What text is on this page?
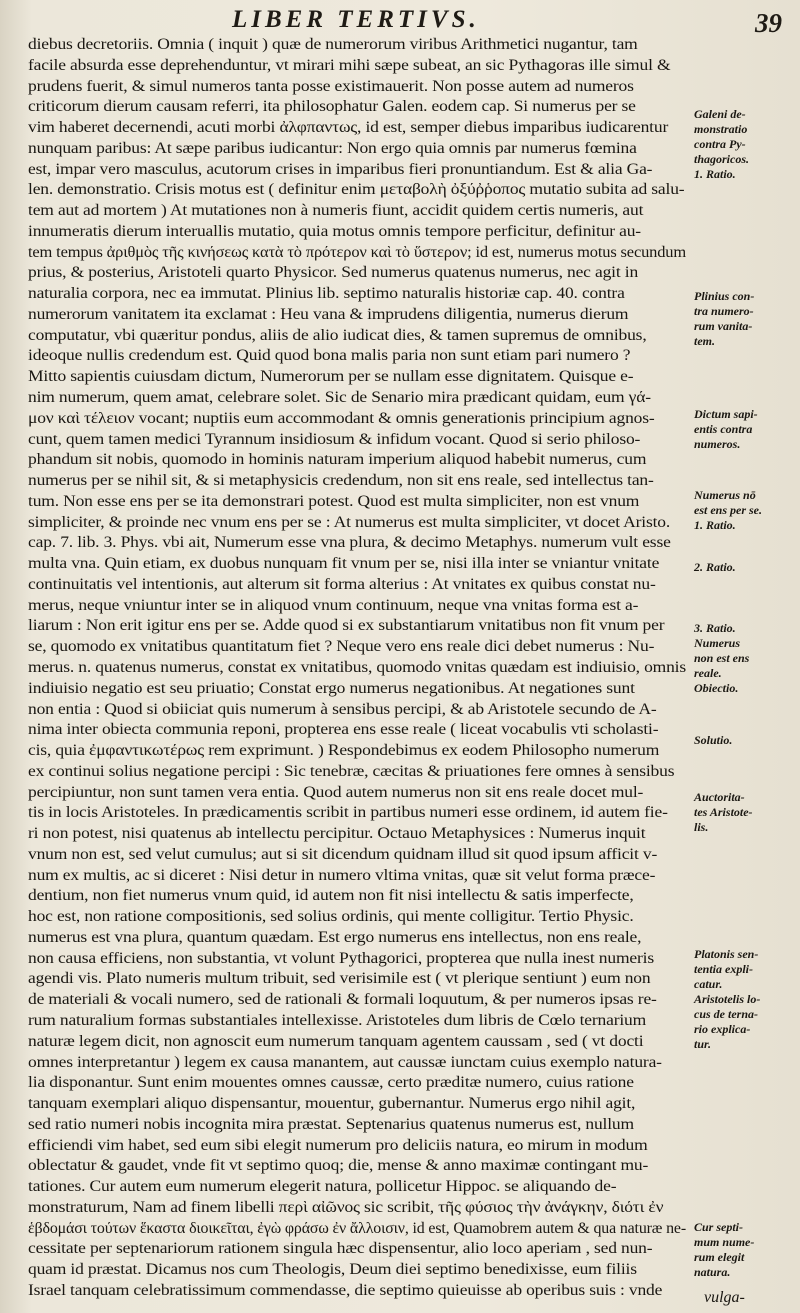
LIBER TERTIVS.	39
diebus decretoriis. Omnia ( inquit ) quæ de numerorum viribus Arithmetici nugantur, tam
facile absurda esse deprehenduntur, vt mirari mihi sæpe subeat, an sic Pythagoras ille simul &
prudens fuerit, & simul numeros tanta posse existimauerit. Non posse autem ad numeros
criticorum dierum causam referri, ita philosophatur Galen. eodem cap. Si numerus per se
vim haberet decernendi, acuti morbi ἀλφπαντως, id est, semper diebus imparibus iudicarentur
nunquam paribus: At sæpe paribus iudicantur: Non ergo quia omnis par numerus fœmina
est, impar vero masculus, acutorum crises in imparibus fieri pronuntiandum. Est & alia Ga-
len. demonstratio. Crisis motus est ( definitur enim μεταβολὴ ὀξύῤῥοπος mutatio subita ad salu-
tem aut ad mortem ) At mutationes non à numeris fiunt, accidit quidem certis numeris, aut
innumeratis dierum interuallis mutatio, quia motus omnis tempore perficitur, definitur au-
tem tempus ἀριθμὸς τῆς κινήσεως κατὰ τὸ πρότερον καὶ τὸ ὕστερον; id est, numerus motus secundum
prius, & posterius, Aristoteli quarto Physicor. Sed numerus quatenus numerus, nec agit in
naturalia corpora, nec ea immutat. Plinius lib. septimo naturalis historiæ cap. 40. contra
numerorum vanitatem ita exclamat : Heu vana & imprudens diligentia, numerus dierum
computatur, vbi quæritur pondus, aliis de alio iudicat dies, & tamen supremus de omnibus,
ideoque nullis credendum est. Quid quod bona malis paria non sunt etiam pari numero ?
Mitto sapientis cuiusdam dictum, Numerorum per se nullam esse dignitatem. Quisque e-
nim numerum, quem amat, celebrare solet. Sic de Senario mira prædicant quidam, eum γά-
μον καὶ τέλειον vocant; nuptiis eum accommodant & omnis generationis principium agnos-
cunt, quem tamen medici Tyrannum insidiosum & infidum vocant. Quod si serio philoso-
phandum sit nobis, quomodo in hominis naturam imperium aliquod habebit numerus, cum
numerus per se nihil sit, & si metaphysicis credendum, non sit ens reale, sed intellectus tan-
tum. Non esse ens per se ita demonstrari potest. Quod est multa simpliciter, non est vnum
simpliciter, & proinde nec vnum ens per se : At numerus est multa simpliciter, vt docet Aristo.
cap. 7. lib. 3. Phys. vbi ait, Numerum esse vna plura, & decimo Metaphys. numerum vult esse
multa vna. Quin etiam, ex duobus nunquam fit vnum per se, nisi illa inter se vniantur vnitate
continuitatis vel intentionis, aut alterum sit forma alterius : At vnitates ex quibus constat nu-
merus, neque vniuntur inter se in aliquod vnum continuum, neque vna vnitas forma est a-
liarum : Non erit igitur ens per se. Adde quod si ex substantiarum vnitatibus non fit vnum per
se, quomodo ex vnitatibus quantitatum fiet ? Neque vero ens reale dici debet numerus : Nu-
merus. n. quatenus numerus, constat ex vnitatibus, quomodo vnitas quædam est indiuisio, omnis
indiuisio negatio est seu priuatio; Constat ergo numerus negationibus. At negationes sunt
non entia : Quod si obiiciat quis numerum à sensibus percipi, & ab Aristotele secundo de A-
nima inter obiecta communia reponi, propterea ens esse reale ( liceat vocabulis vti scholasti-
cis, quia ἐμφαντικωτέρως rem exprimunt. ) Respondebimus ex eodem Philosopho numerum
ex continui solius negatione percipi : Sic tenebræ, cæcitas & priuationes fere omnes à sensibus
percipiuntur, non sunt tamen vera entia. Quod autem numerus non sit ens reale docet mul-
tis in locis Aristoteles. In prædicamentis scribit in partibus numeri esse ordinem, id autem fie-
ri non potest, nisi quatenus ab intellectu percipitur. Octauo Metaphysices : Numerus inquit
vnum non est, sed velut cumulus; aut si sit dicendum quidnam illud sit quod ipsum afficit v-
num ex multis, ac si diceret : Nisi detur in numero vltima vnitas, quæ sit velut forma præce-
dentium, non fiet numerus vnum quid, id autem non fit nisi intellectu & satis imperfecte,
hoc est, non ratione compositionis, sed solius ordinis, qui mente colligitur. Tertio Physic.
numerus est vna plura, quantum quædam. Est ergo numerus ens intellectus, non ens reale,
non causa efficiens, non substantia, vt volunt Pythagorici, propterea que nulla inest numeris
agendi vis. Plato numeris multum tribuit, sed verisimile est ( vt plerique sentiunt ) eum non
de materiali & vocali numero, sed de rationali & formali loquutum, & per numeros ipsas re-
rum naturalium formas substantiales intellexisse. Aristoteles dum libris de Cœlo ternarium
naturæ legem dicit, non agnoscit eum numerum tanquam agentem caussam , sed ( vt docti
omnes interpretantur ) legem ex causa manantem, aut caussæ iunctam cuius exemplo natura-
lia disponantur. Sunt enim mouentes omnes caussæ, certo præditæ numero, cuius ratione
tanquam exemplari aliquo dispensantur, mouentur, gubernantur. Numerus ergo nihil agit,
sed ratio numeri nobis incognita mira præstat. Septenarius quatenus numerus est, nullum
efficiendi vim habet, sed eum sibi elegit numerum pro deliciis natura, eo mirum in modum
oblectatur & gaudet, vnde fit vt septimo quoq; die, mense & anno maximæ contingant mu-
tationes. Cur autem eum numerum elegerit natura, pollicetur Hippoc. se aliquando de-
monstraturum, Nam ad finem libelli περὶ αἰῶνος sic scribit, τῆς φύσιος τὴν ἀνάγκην, διότι ἐν
ἑβδομάσι τούτων ἕκαστα διοικεῖται, ἐγὼ φράσω ἐν ἄλλοισιν, id est, Quamobrem autem & qua naturæ ne-
cessitate per septenariorum rationem singula hæc dispensentur, alio loco aperiam , sed nun-
quam id præstat. Dicamus nos cum Theologis, Deum diei septimo benedixisse, eum filiis
Israel tanquam celebratissimum commendasse, die septimo quieuisse ab operibus suis : vnde
Galeni de-
monstratio
contra Py-
thagoricos.
1. Ratio.
Plinius con-
tra numero-
rum vanita-
tem.
Dictum sapi-
entis contra
numeros.
Numerus nō
est ens per se.
1. Ratio.
2. Ratio.
3. Ratio.
Numerus
non est ens
reale.
Obiectio.
Solutio.
Auctorita-
tes Aristote-
lis.
Platonis sen-
tentia expli-
catur.
Aristotelis lo-
cus de terna-
rio explica-
tur.
Cur septi-
mum nume-
rum elegit
natura.
vulga-
